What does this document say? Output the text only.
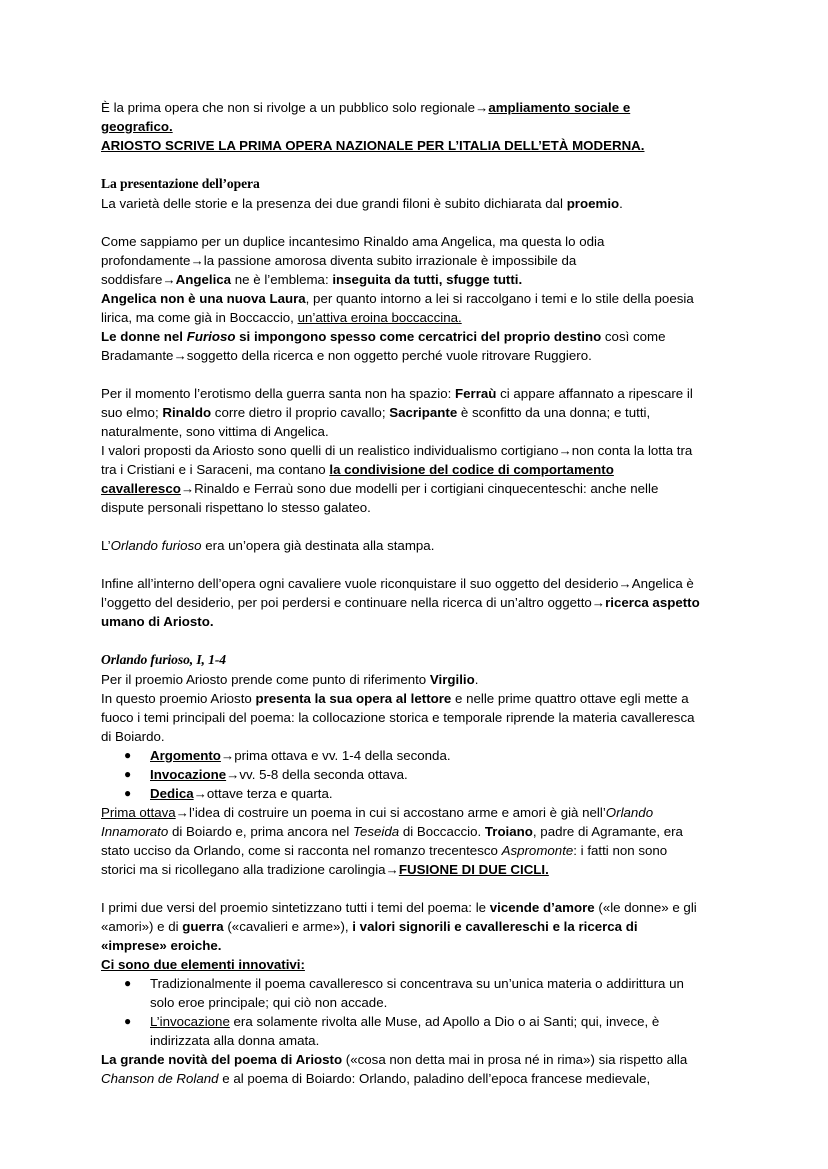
È la prima opera che non si rivolge a un pubblico solo regionale→ampliamento sociale e
geografico.
ARIOSTO SCRIVE LA PRIMA OPERA NAZIONALE PER L’ITALIA DELL’ETÀ MODERNA.
La presentazione dell’opera
La varietà delle storie e la presenza dei due grandi filoni è subito dichiarata dal proemio.
Come sappiamo per un duplice incantesimo Rinaldo ama Angelica, ma questa lo odia
profondamente→la passione amorosa diventa subito irrazionale è impossibile da
soddisfare→Angelica ne è l’emblema: inseguita da tutti, sfugge tutti.
Angelica non è una nuova Laura, per quanto intorno a lei si raccolgano i temi e lo stile della poesia
lirica, ma come già in Boccaccio, un’attiva eroina boccaccina.
Le donne nel Furioso si impongono spesso come cercatrici del proprio destino così come
Bradamante→soggetto della ricerca e non oggetto perché vuole ritrovare Ruggiero.
Per il momento l’erotismo della guerra santa non ha spazio: Ferraù ci appare affannato a ripescare il
suo elmo; Rinaldo corre dietro il proprio cavallo; Sacripante è sconfitto da una donna; e tutti,
naturalmente, sono vittima di Angelica.
I valori proposti da Ariosto sono quelli di un realistico individualismo cortigiano→non conta la lotta tra
tra i Cristiani e i Saraceni, ma contano la condivisione del codice di comportamento
cavalleresco→Rinaldo e Ferraù sono due modelli per i cortigiani cinquecenteschi: anche nelle
dispute personali rispettano lo stesso galateo.
L’Orlando furioso era un’opera già destinata alla stampa.
Infine all’interno dell’opera ogni cavaliere vuole riconquistare il suo oggetto del desiderio→Angelica è
l’oggetto del desiderio, per poi perdersi e continuare nella ricerca di un’altro oggetto→ricerca aspetto
umano di Ariosto.
Orlando furioso, I, 1-4
Per il proemio Ariosto prende come punto di riferimento Virgilio.
In questo proemio Ariosto presenta la sua opera al lettore e nelle prime quattro ottave egli mette a
fuoco i temi principali del poema: la collocazione storica e temporale riprende la materia cavalleresca
di Boiardo.
● Argomento→prima ottava e vv. 1-4 della seconda.
● Invocazione→vv. 5-8 della seconda ottava.
● Dedica→ottave terza e quarta.
Prima ottava→l’idea di costruire un poema in cui si accostano arme e amori è già nell’Orlando
Innamorato di Boiardo e, prima ancora nel Teseida di Boccaccio. Troiano, padre di Agramante, era
stato ucciso da Orlando, come si racconta nel romanzo trecentesco Aspromonte: i fatti non sono
storici ma si ricollegano alla tradizione carolingia→FUSIONE DI DUE CICLI.
I primi due versi del proemio sintetizzano tutti i temi del poema: le vicende d’amore («le donne» e gli
«amori») e di guerra («cavalieri e arme»), i valori signorili e cavallereschi e la ricerca di
«imprese» eroiche.
Ci sono due elementi innovativi:
● Tradizionalmente il poema cavalleresco si concentrava su un’unica materia o addirittura un
solo eroe principale; qui ciò non accade.
● L’invocazione era solamente rivolta alle Muse, ad Apollo a Dio o ai Santi; qui, invece, è
indirizzata alla donna amata.
La grande novità del poema di Ariosto («cosa non detta mai in prosa né in rima») sia rispetto alla
Chanson de Roland e al poema di Boiardo: Orlando, paladino dell’epoca francese medievale,
